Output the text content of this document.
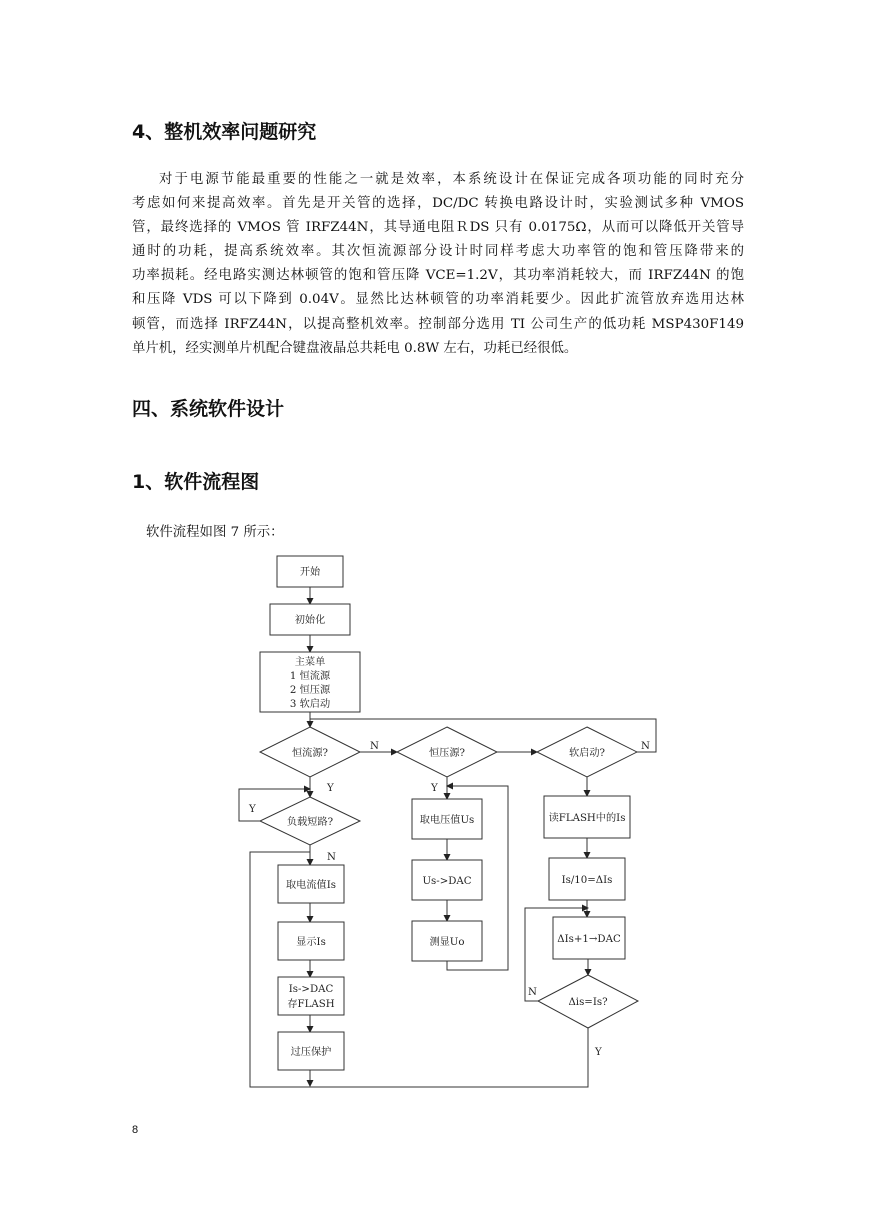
4、整机效率问题研究
对于电源节能最重要的性能之一就是效率，本系统设计在保证完成各项功能的同时充分
考虑如何来提高效率。首先是开关管的选择，DC/DC 转换电路设计时，实验测试多种 VMOS
管，最终选择的 VMOS 管 IRFZ44N，其导通电阻ＲDS 只有 0.0175Ω，从而可以降低开关管导
通时的功耗，提高系统效率。其次恒流源部分设计时同样考虑大功率管的饱和管压降带来的
功率损耗。经电路实测达林顿管的饱和管压降 VCE=1.2V，其功率消耗较大，而 IRFZ44N 的饱
和压降 VDS 可以下降到 0.04V。显然比达林顿管的功率消耗要少。因此扩流管放弃选用达林
顿管，而选择 IRFZ44N，以提高整机效率。控制部分选用 TI 公司生产的低功耗 MSP430F149
单片机，经实测单片机配合键盘液晶总共耗电 0.8W 左右，功耗已经很低。
四、系统软件设计
1、软件流程图

软件流程如图 7 所示：

开始
初始化
主菜单
1 恒流源
2 恒压源
3 软启动
N
恒流源?
N
恒压源?	软启动?
Y
负载短路?
Y
N
取电流值Is
显示Is
Is->DAC
存FLASH
过压保护
Y
取电压值Us
Us->DAC
测显Uo
读FLASH中的Is
Is/10=ΔIs
ΔIs+1→DAC
Δis=Is?
N
Y
8
